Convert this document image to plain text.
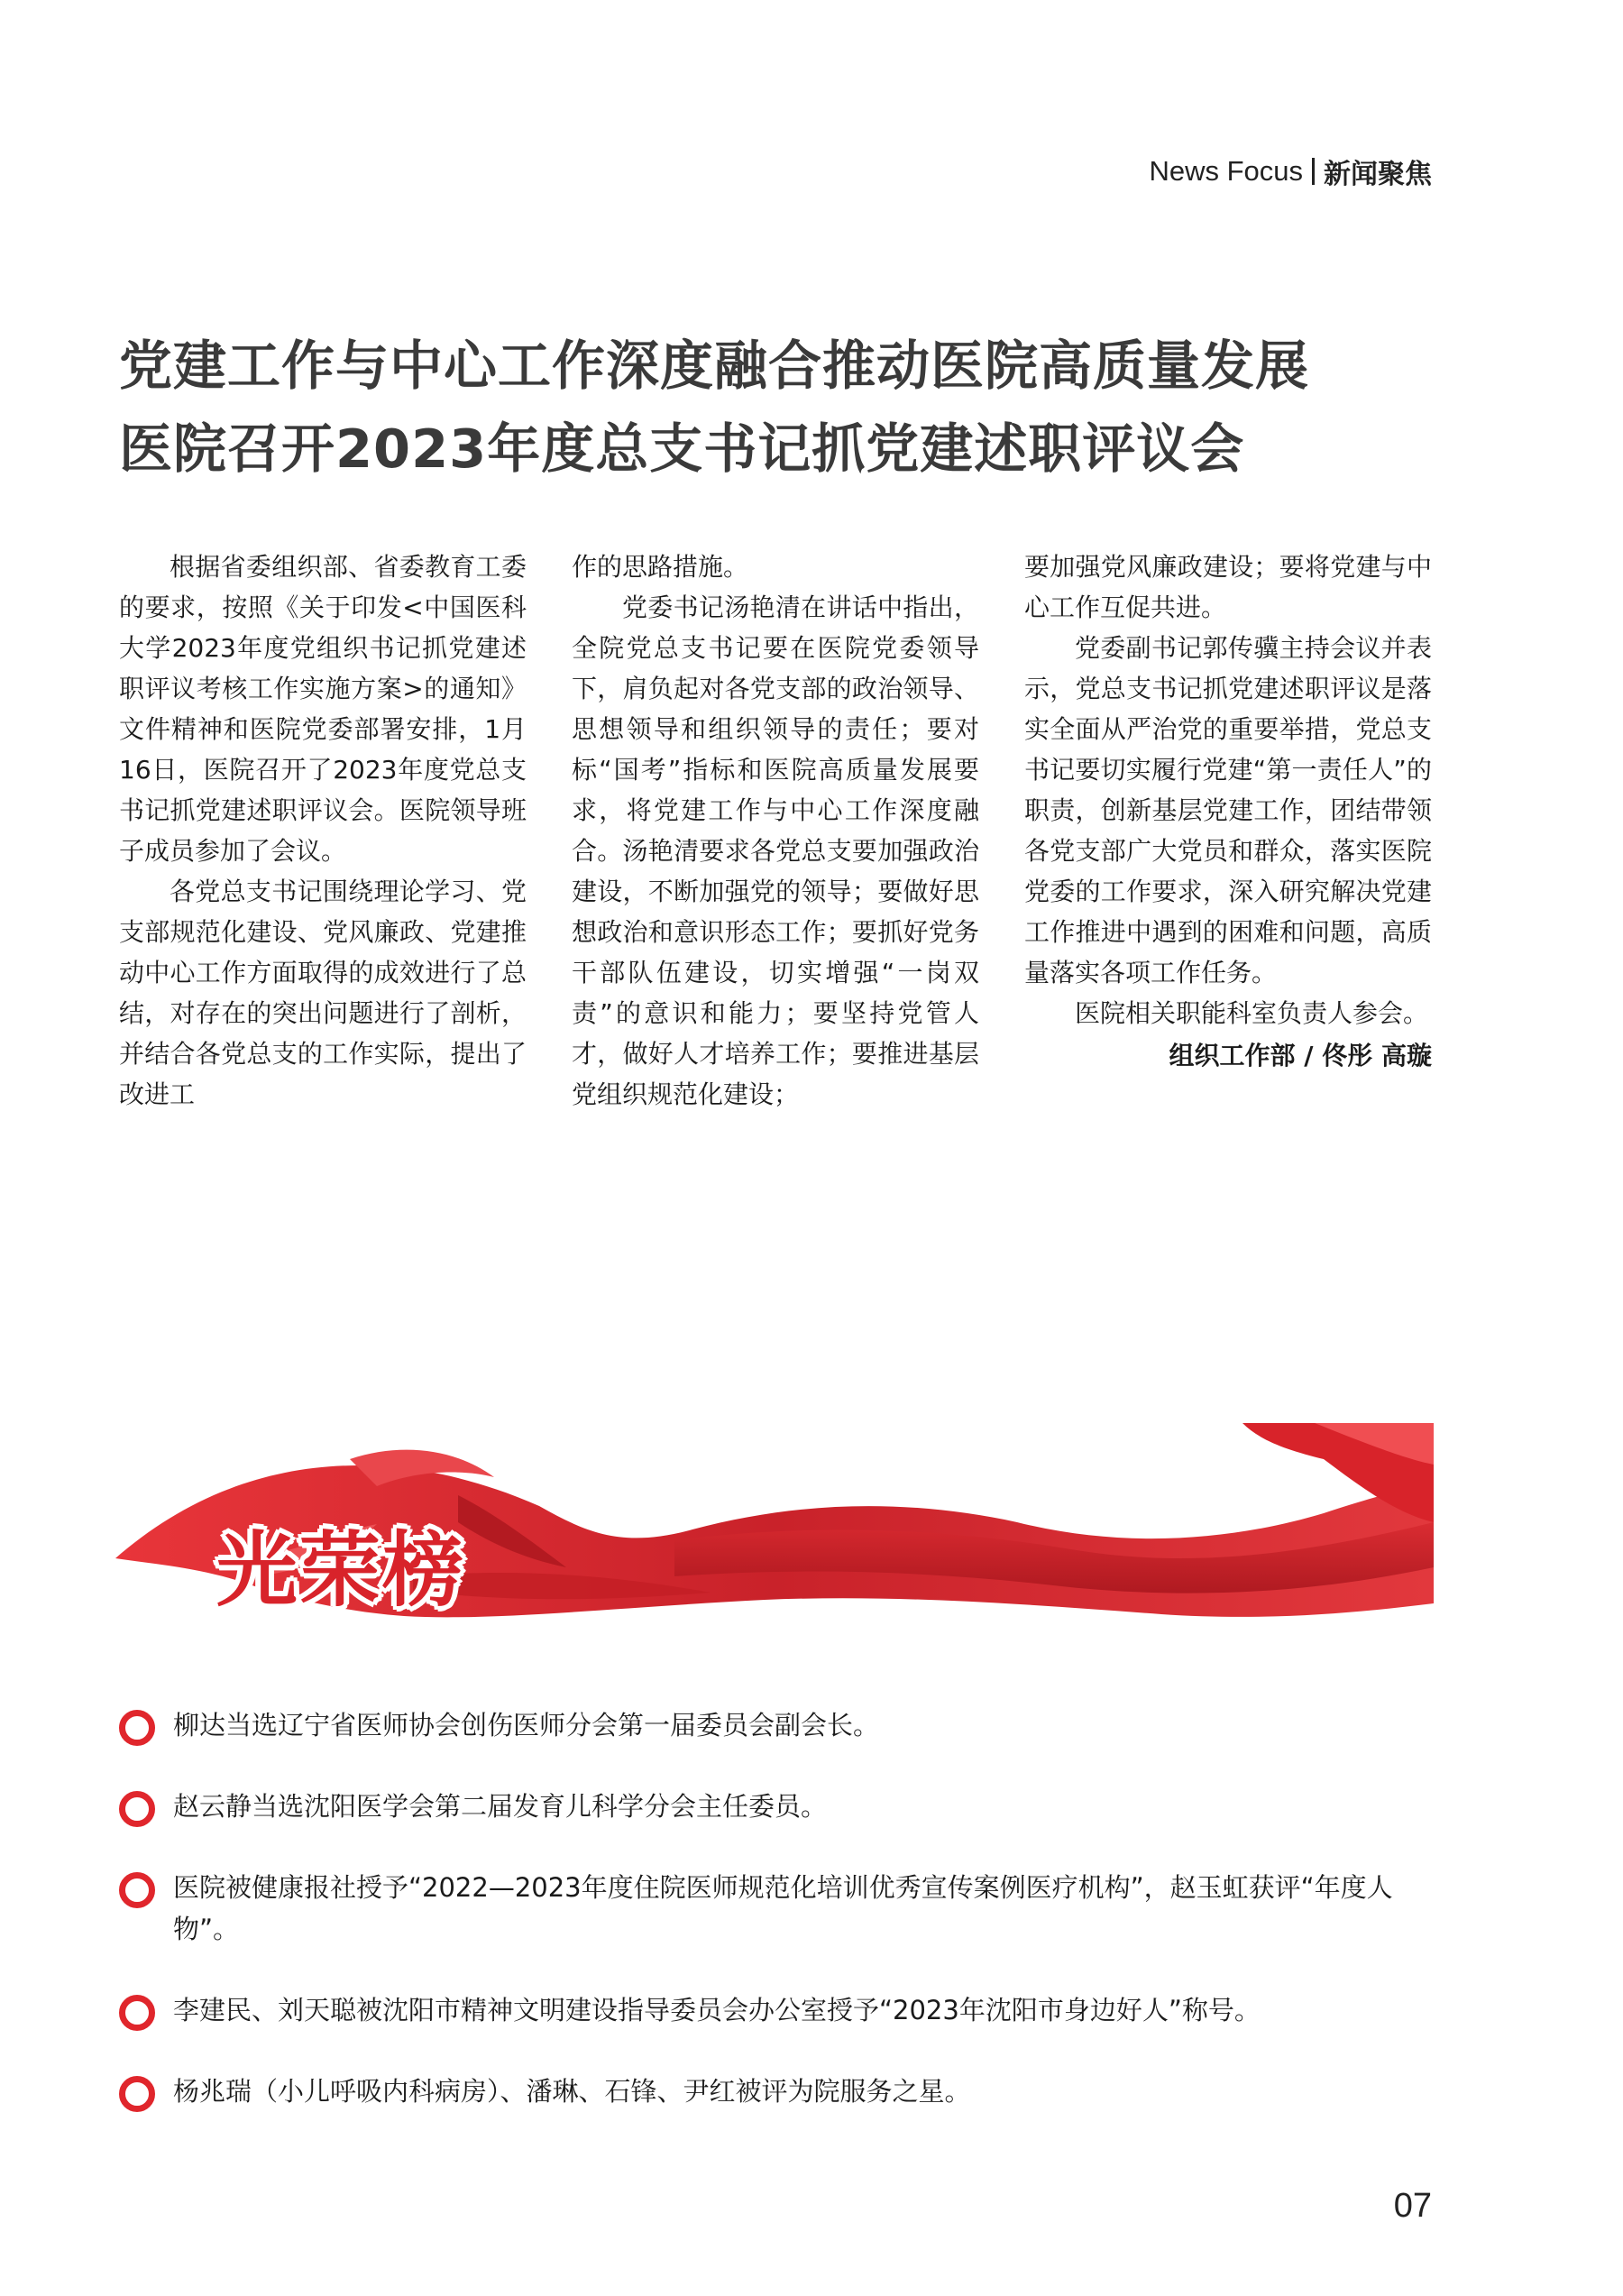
News Focus 新闻聚焦
党建工作与中心工作深度融合推动医院高质量发展
医院召开2023年度总支书记抓党建述职评议会

根据省委组织部、省委教育工委的要求，按照《关于印发<中国医科大学2023年度党组织书记抓党建述职评议考核工作实施方案>的通知》文件精神和医院党委部署安排，1月16日，医院召开了2023年度党总支书记抓党建述职评议会。医院领导班子成员参加了会议。

各党总支书记围绕理论学习、党支部规范化建设、党风廉政、党建推动中心工作方面取得的成效进行了总结，对存在的突出问题进行了剖析，并结合各党总支的工作实际，提出了改进工

作的思路措施。

党委书记汤艳清在讲话中指出，全院党总支书记要在医院党委领导下，肩负起对各党支部的政治领导、思想领导和组织领导的责任；要对标“国考”指标和医院高质量发展要求，将党建工作与中心工作深度融合。汤艳清要求各党总支要加强政治建设，不断加强党的领导；要做好思想政治和意识形态工作；要抓好党务干部队伍建设，切实增强“一岗双责”的意识和能力；要坚持党管人才，做好人才培养工作；要推进基层党组织规范化建设；

要加强党风廉政建设；要将党建与中心工作互促共进。

党委副书记郭传骥主持会议并表示，党总支书记抓党建述职评议是落实全面从严治党的重要举措，党总支书记要切实履行党建“第一责任人”的职责，创新基层党建工作，团结带领各党支部广大党员和群众，落实医院党委的工作要求，深入研究解决党建工作推进中遇到的困难和问题，高质量落实各项工作任务。

医院相关职能科室负责人参会。

组织工作部 / 佟彤 高璇
光荣榜
柳达当选辽宁省医师协会创伤医师分会第一届委员会副会长。
赵云静当选沈阳医学会第二届发育儿科学分会主任委员。
医院被健康报社授予“2022—2023年度住院医师规范化培训优秀宣传案例医疗机构”，赵玉虹获评“年度人物”。
李建民、刘天聪被沈阳市精神文明建设指导委员会办公室授予“2023年沈阳市身边好人”称号。
杨兆瑞（小儿呼吸内科病房）、潘琳、石锋、尹红被评为院服务之星。
07
